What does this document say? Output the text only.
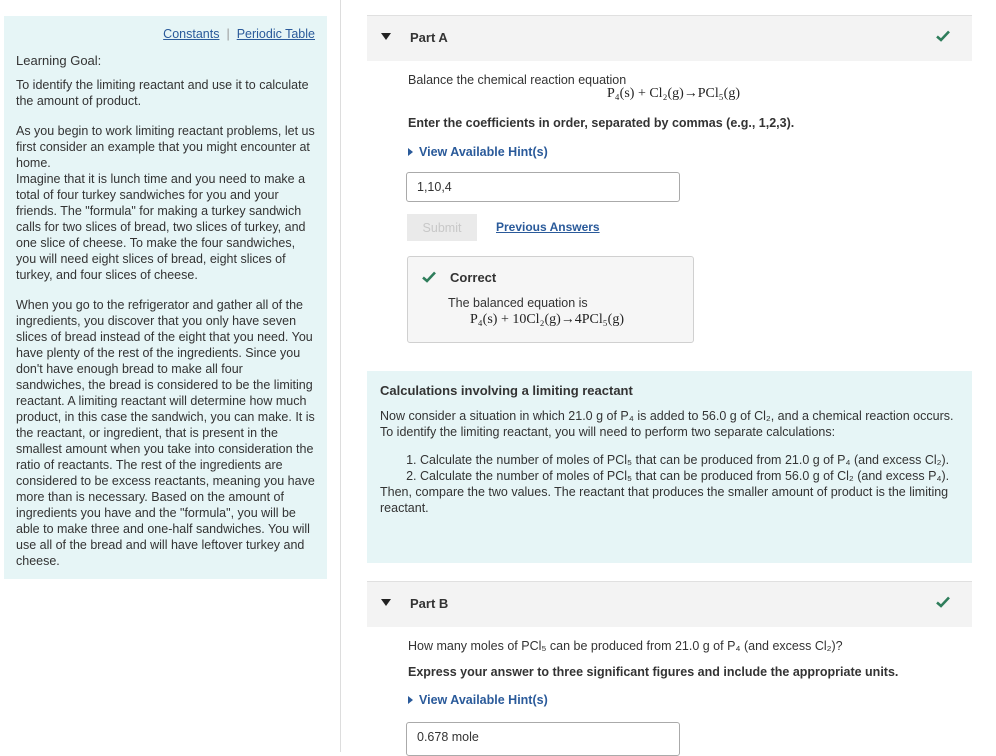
Constants | Periodic Table
Learning Goal:

To identify the limiting reactant and use it to calculate the amount of product.

As you begin to work limiting reactant problems, let us first consider an example that you might encounter at home.

Imagine that it is lunch time and you need to make a total of four turkey sandwiches for you and your friends. The "formula" for making a turkey sandwich calls for two slices of bread, two slices of turkey, and one slice of cheese. To make the four sandwiches, you will need eight slices of bread, eight slices of turkey, and four slices of cheese.

When you go to the refrigerator and gather all of the ingredients, you discover that you only have seven slices of bread instead of the eight that you need. You have plenty of the rest of the ingredients. Since you don't have enough bread to make all four sandwiches, the bread is considered to be the limiting reactant. A limiting reactant will determine how much product, in this case the sandwich, you can make. It is the reactant, or ingredient, that is present in the smallest amount when you take into consideration the ratio of reactants. The rest of the ingredients are considered to be excess reactants, meaning you have more than is necessary. Based on the amount of ingredients you have and the "formula", you will be able to make three and one-half sandwiches. You will use all of the bread and will have leftover turkey and cheese.

Part A
Balance the chemical reaction equation
P₄(s) + Cl₂(g)→PCl₅(g)
Enter the coefficients in order, separated by commas (e.g., 1,2,3).
View Available Hint(s)
1,10,4
Submit	Previous Answers
Correct
The balanced equation is
P₄(s) + 10Cl₂(g)→4PCl₅(g)
Calculations involving a limiting reactant
Now consider a situation in which 21.0 g of P₄ is added to 56.0 g of Cl₂, and a chemical reaction occurs. To identify the limiting reactant, you will need to perform two separate calculations:
1. Calculate the number of moles of PCl₅ that can be produced from 21.0 g of P₄ (and excess Cl₂).
2. Calculate the number of moles of PCl₅ that can be produced from 56.0 g of Cl₂ (and excess P₄).
Then, compare the two values. The reactant that produces the smaller amount of product is the limiting reactant.
Part B
How many moles of PCl₅ can be produced from 21.0 g of P₄ (and excess Cl₂)?
Express your answer to three significant figures and include the appropriate units.
View Available Hint(s)
0.678 mole
